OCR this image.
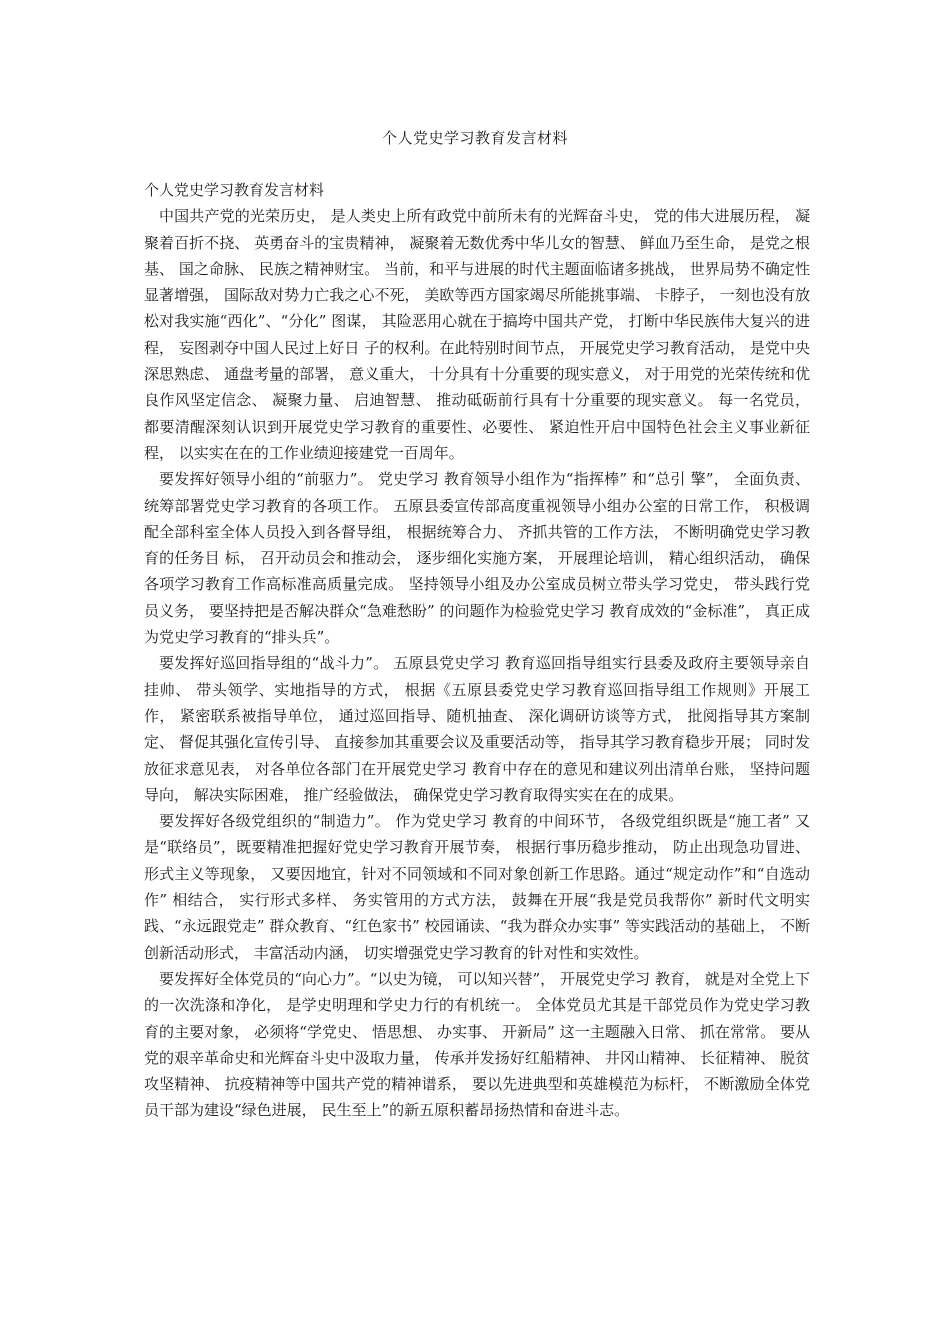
个人党史学习教育发言材料

个人党史学习教育发言材料

中国共产党的光荣历史， 是人类史上所有政党中前所未有的光辉奋斗史， 党的伟大进展历程， 凝聚着百折不挠、 英勇奋斗的宝贵精神， 凝聚着无数优秀中华儿女的智慧、 鲜血乃至生命， 是党之根基、 国之命脉、 民族之精神财宝。 当前，和平与进展的时代主题面临诸多挑战， 世界局势不确定性显著增强， 国际敌对势力亡我之心不死， 美欧等西方国家竭尽所能挑事端、 卡脖子， 一刻也没有放松对我实施“西化”、“分化” 图谋， 其险恶用心就在于搞垮中国共产党， 打断中华民族伟大复兴的进程， 妄图剥夺中国人民过上好日 子的权利。在此特别时间节点， 开展党史学习教育活动， 是党中央深思熟虑、 通盘考量的部署， 意义重大， 十分具有十分重要的现实意义， 对于用党的光荣传统和优良作风坚定信念、 凝聚力量、 启迪智慧、 推动砥砺前行具有十分重要的现实意义。 每一名党员， 都要清醒深刻认识到开展党史学习教育的重要性、必要性、 紧迫性开启中国特色社会主义事业新征程， 以实实在在的工作业绩迎接建党一百周年。

要发挥好领导小组的“前驱力”。 党史学习 教育领导小组作为“指挥棒” 和“总引 擎”， 全面负责、 统筹部署党史学习教育的各项工作。 五原县委宣传部高度重视领导小组办公室的日常工作， 积极调配全部科室全体人员投入到各督导组， 根据统筹合力、 齐抓共管的工作方法， 不断明确党史学习教育的任务目 标， 召开动员会和推动会， 逐步细化实施方案， 开展理论培训， 精心组织活动， 确保各项学习教育工作高标准高质量完成。 坚持领导小组及办公室成员树立带头学习党史， 带头践行党员义务， 要坚持把是否解决群众“急难愁盼” 的问题作为检验党史学习 教育成效的“金标准”， 真正成为党史学习教育的“排头兵”。

要发挥好巡回指导组的“战斗力”。 五原县党史学习 教育巡回指导组实行县委及政府主要领导亲自挂帅、 带头领学、实地指导的方式， 根据《五原县委党史学习教育巡回指导组工作规则》开展工作， 紧密联系被指导单位， 通过巡回指导、随机抽查、 深化调研访谈等方式， 批阅指导其方案制定、 督促其强化宣传引导、 直接参加其重要会议及重要活动等， 指导其学习教育稳步开展； 同时发放征求意见表， 对各单位各部门在开展党史学习 教育中存在的意见和建议列出清单台账， 坚持问题导向， 解决实际困难， 推广经验做法， 确保党史学习教育取得实实在在的成果。

要发挥好各级党组织的“制造力”。 作为党史学习 教育的中间环节， 各级党组织既是“施工者” 又是“联络员”，既要精准把握好党史学习教育开展节奏， 根据行事历稳步推动， 防止出现急功冒进、 形式主义等现象， 又要因地宜，针对不同领域和不同对象创新工作思路。通过“规定动作”和“自选动作” 相结合， 实行形式多样、 务实管用的方式方法， 鼓舞在开展“我是党员我帮你” 新时代文明实践、“永远跟党走” 群众教育、“红色家书” 校园诵读、“我为群众办实事” 等实践活动的基础上， 不断创新活动形式， 丰富活动内涵， 切实增强党史学习教育的针对性和实效性。

要发挥好全体党员的“向心力”。“以史为镜， 可以知兴替”， 开展党史学习 教育， 就是对全党上下的一次洗涤和净化， 是学史明理和学史力行的有机统一。 全体党员尤其是干部党员作为党史学习教育的主要对象， 必须将“学党史、 悟思想、 办实事、 开新局” 这一主题融入日常、 抓在常常。 要从党的艰辛革命史和光辉奋斗史中汲取力量， 传承并发扬好红船精神、 井冈山精神、 长征精神、 脱贫攻坚精神、 抗疫精神等中国共产党的精神谱系， 要以先进典型和英雄模范为标杆， 不断激励全体党员干部为建设“绿色进展， 民生至上”的新五原积蓄昂扬热情和奋进斗志。
